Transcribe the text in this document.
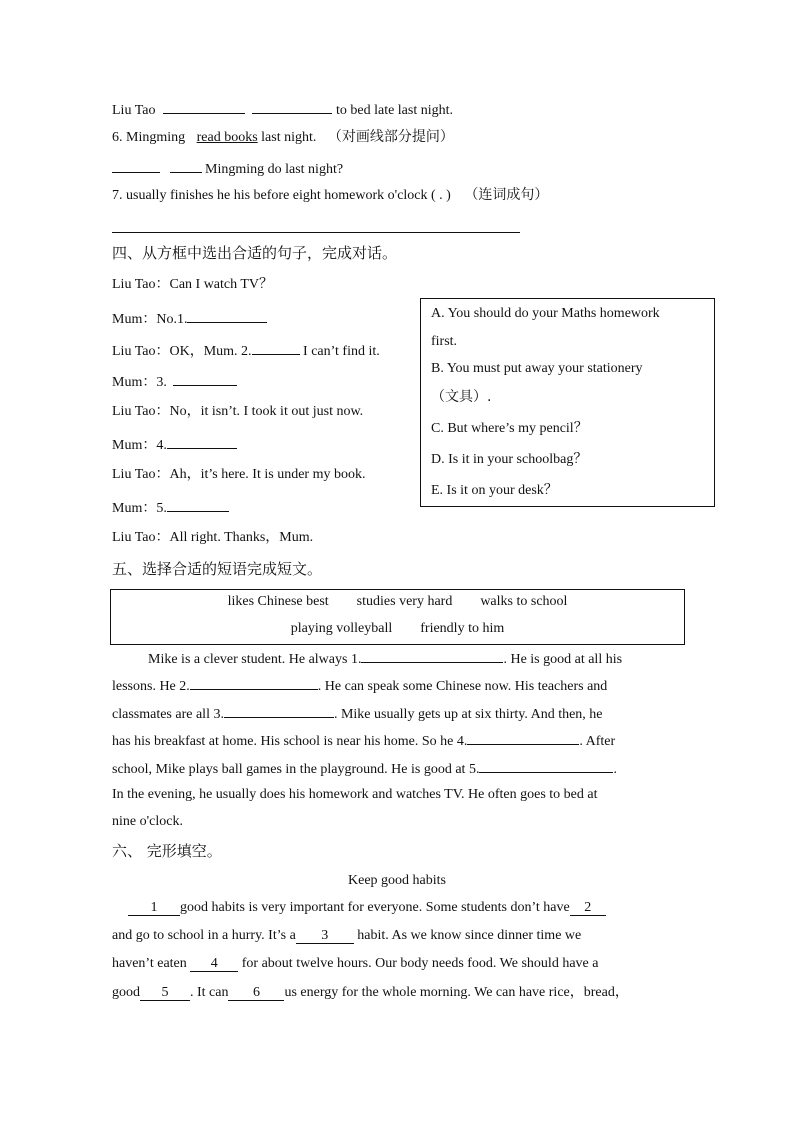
Liu Tao	to bed late last night.
6. Mingming read books last night. （对画线部分提问）
Mingming do last night?
7. usually finishes he his before eight homework o'clock ( . ) （连词成句）
四、从方框中选出合适的句子，完成对话。
Liu Tao：Can I watch TV？
Mum：No.1.
Liu Tao：OK，Mum. 2.	I can’t find it.
Mum：3.
Liu Tao：No，it isn’t. I took it out just now.
Mum：4.
Liu Tao：Ah，it’s here. It is under my book.
Mum：5.
Liu Tao：All right. Thanks，Mum.
A. You should do your Maths homework
first.
B. You must put away your stationery
（文具）.
C. But where’s my pencil？
D. Is it in your schoolbag？
E. Is it on your desk？
五、选择合适的短语完成短文。
likes Chinese best        studies very hard        walks to school
playing volleyball        friendly to him
Mike is a clever student. He always 1.	. He is good at all his
lessons. He 2.	. He can speak some Chinese now. His teachers and
classmates are all 3.	. Mike usually gets up at six thirty. And then, he
has his breakfast at home. His school is near his home. So he 4.	. After
school, Mike plays ball games in the playground. He is good at 5.	.
In the evening, he usually does his homework and watches TV. He often goes to bed at
nine o'clock.
六、 完形填空。
Keep good habits
1 good habits is very important for everyone. Some students don’t have 2
and go to school in a hurry. It’s a 3 habit. As we know since dinner time we
haven’t eaten 4 for about twelve hours. Our body needs food. We should have a
good 5 . It can 6 us energy for the whole morning. We can have rice，bread，
